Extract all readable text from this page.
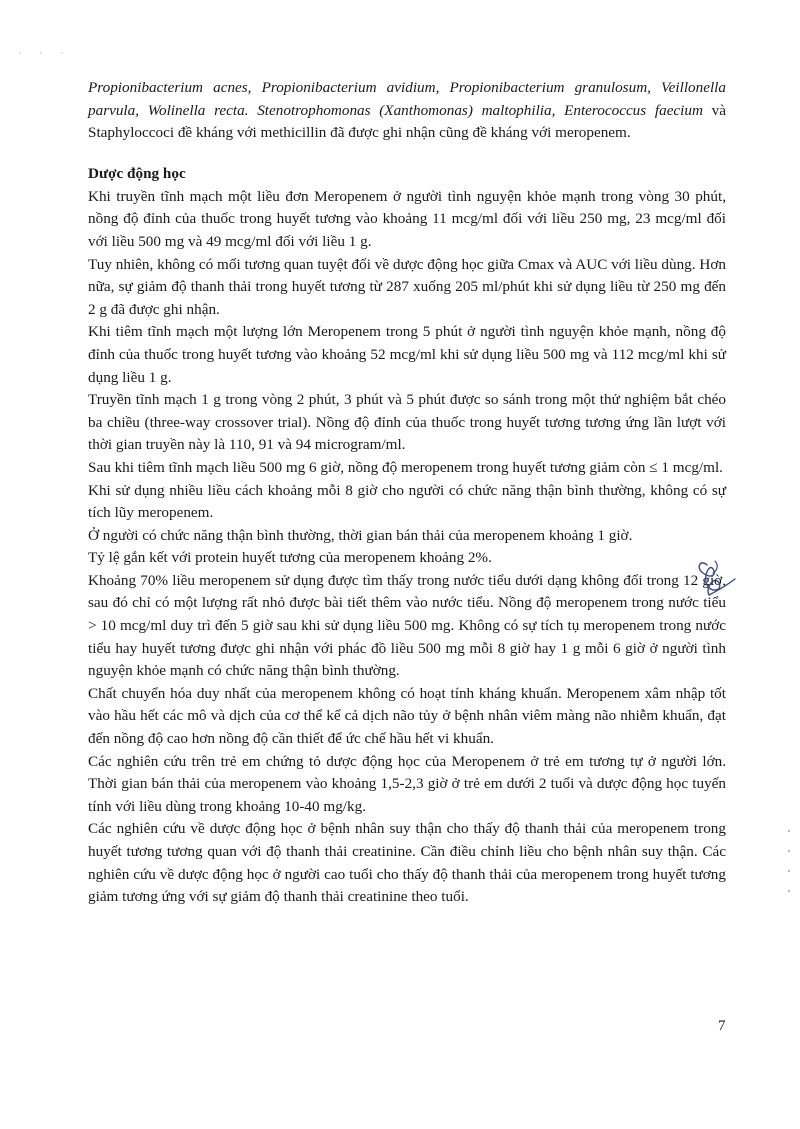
· · ·

Propionibacterium acnes, Propionibacterium avidium, Propionibacterium granulosum, Veillonella parvula, Wolinella recta. Stenotrophomonas (Xanthomonas) maltophilia, Enterococcus faecium và Staphyloccoci đề kháng với methicillin đã được ghi nhận cũng đề kháng với meropenem.

Dược động học

Khi truyền tĩnh mạch một liều đơn Meropenem ở người tình nguyện khỏe mạnh trong vòng 30 phút, nồng độ đỉnh của thuốc trong huyết tương vào khoảng 11 mcg/ml đối với liều 250 mg, 23 mcg/ml đối với liều 500 mg và 49 mcg/ml đối với liều 1 g.

Tuy nhiên, không có mối tương quan tuyệt đối về dược động học giữa Cmax và AUC với liều dùng. Hơn nữa, sự giảm độ thanh thải trong huyết tương từ 287 xuống 205 ml/phút khi sử dụng liều từ 250 mg đến 2 g đã được ghi nhận.

Khi tiêm tĩnh mạch một lượng lớn Meropenem trong 5 phút ở người tình nguyện khỏe mạnh, nồng độ đỉnh của thuốc trong huyết tương vào khoảng 52 mcg/ml khi sử dụng liều 500 mg và 112 mcg/ml khi sử dụng liều 1 g.

Truyền tĩnh mạch 1 g trong vòng 2 phút, 3 phút và 5 phút được so sánh trong một thử nghiệm bắt chéo ba chiều (three-way crossover trial). Nồng độ đỉnh của thuốc trong huyết tương tương ứng lần lượt với thời gian truyền này là 110, 91 và 94 microgram/ml.

Sau khi tiêm tĩnh mạch liều 500 mg 6 giờ, nồng độ meropenem trong huyết tương giảm còn ≤ 1 mcg/ml.

Khi sử dụng nhiều liều cách khoảng mỗi 8 giờ cho người có chức năng thận bình thường, không có sự tích lũy meropenem.

Ở người có chức năng thận bình thường, thời gian bán thải của meropenem khoảng 1 giờ.

Tỷ lệ gắn kết với protein huyết tương của meropenem khoảng 2%.

Khoảng 70% liều meropenem sử dụng được tìm thấy trong nước tiểu dưới dạng không đổi trong 12 giờ, sau đó chỉ có một lượng rất nhỏ được bài tiết thêm vào nước tiểu. Nồng độ meropenem trong nước tiểu > 10 mcg/ml duy trì đến 5 giờ sau khi sử dụng liều 500 mg. Không có sự tích tụ meropenem trong nước tiểu hay huyết tương được ghi nhận với phác đồ liều 500 mg mỗi 8 giờ hay 1 g mỗi 6 giờ ở người tình nguyện khỏe mạnh có chức năng thận bình thường.

Chất chuyển hóa duy nhất của meropenem không có hoạt tính kháng khuẩn. Meropenem xâm nhập tốt vào hầu hết các mô và dịch của cơ thể kể cả dịch não tủy ở bệnh nhân viêm màng não nhiễm khuẩn, đạt đến nồng độ cao hơn nồng độ cần thiết để ức chế hầu hết vi khuẩn.

Các nghiên cứu trên trẻ em chứng tỏ dược động học của Meropenem ở trẻ em tương tự ở người lớn. Thời gian bán thải của meropenem vào khoảng 1,5-2,3 giờ ở trẻ em dưới 2 tuổi và dược động học tuyến tính với liều dùng trong khoảng 10-40 mg/kg.

Các nghiên cứu về dược động học ở bệnh nhân suy thận cho thấy độ thanh thải của meropenem trong huyết tương tương quan với độ thanh thải creatinine. Cần điều chỉnh liều cho bệnh nhân suy thận. Các nghiên cứu về dược động học ở người cao tuổi cho thấy độ thanh thải của meropenem trong huyết tương giảm tương ứng với sự giảm độ thanh thải creatinine theo tuổi.

7
